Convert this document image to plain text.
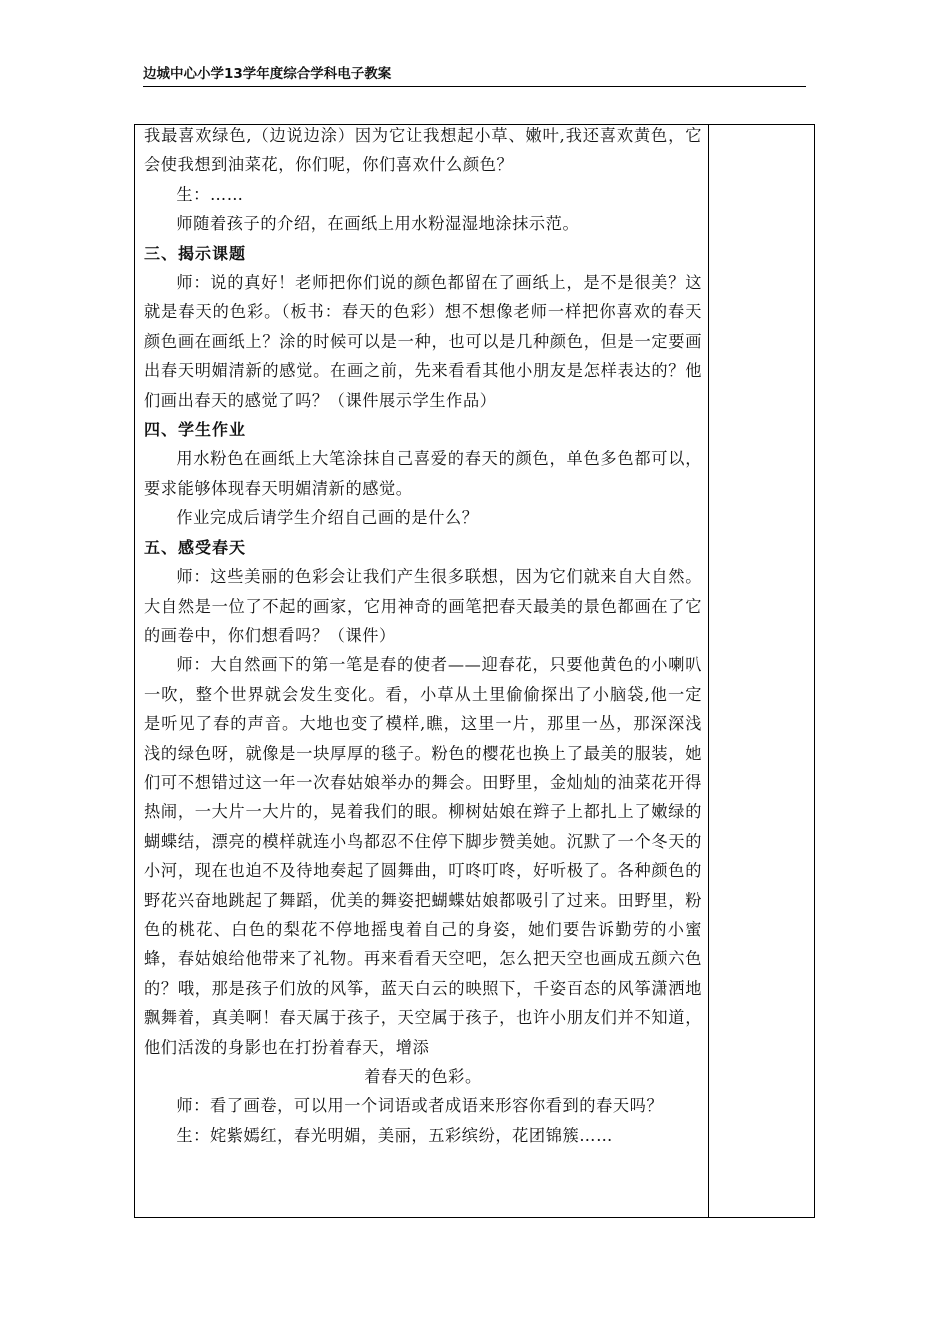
边城中心小学13学年度综合学科电子教案

我最喜欢绿色,（边说边涂）因为它让我想起小草、嫩叶,我还喜欢黄色，它会使我想到油菜花，你们呢，你们喜欢什么颜色？

生：……

师随着孩子的介绍，在画纸上用水粉湿湿地涂抹示范。

三、揭示课题

师：说的真好！老师把你们说的颜色都留在了画纸上，是不是很美？这就是春天的色彩。（板书：春天的色彩）想不想像老师一样把你喜欢的春天颜色画在画纸上？涂的时候可以是一种，也可以是几种颜色，但是一定要画出春天明媚清新的感觉。在画之前，先来看看其他小朋友是怎样表达的？他们画出春天的感觉了吗？（课件展示学生作品）

四、学生作业

用水粉色在画纸上大笔涂抹自己喜爱的春天的颜色，单色多色都可以，要求能够体现春天明媚清新的感觉。

作业完成后请学生介绍自己画的是什么？

五、感受春天

师：这些美丽的色彩会让我们产生很多联想，因为它们就来自大自然。大自然是一位了不起的画家，它用神奇的画笔把春天最美的景色都画在了它的画卷中，你们想看吗？（课件）

师：大自然画下的第一笔是春的使者——迎春花，只要他黄色的小喇叭一吹，整个世界就会发生变化。看，小草从土里偷偷探出了小脑袋,他一定是听见了春的声音。大地也变了模样,瞧，这里一片，那里一丛，那深深浅浅的绿色呀，就像是一块厚厚的毯子。粉色的樱花也换上了最美的服装，她们可不想错过这一年一次春姑娘举办的舞会。田野里，金灿灿的油菜花开得热闹，一大片一大片的，晃着我们的眼。柳树姑娘在辫子上都扎上了嫩绿的蝴蝶结，漂亮的模样就连小鸟都忍不住停下脚步赞美她。沉默了一个冬天的小河，现在也迫不及待地奏起了圆舞曲，叮咚叮咚，好听极了。各种颜色的野花兴奋地跳起了舞蹈，优美的舞姿把蝴蝶姑娘都吸引了过来。田野里，粉色的桃花、白色的梨花不停地摇曳着自己的身姿，她们要告诉勤劳的小蜜蜂，春姑娘给他带来了礼物。再来看看天空吧，怎么把天空也画成五颜六色的？哦，那是孩子们放的风筝，蓝天白云的映照下，千姿百态的风筝潇洒地飘舞着，真美啊！春天属于孩子，天空属于孩子，也许小朋友们并不知道，他们活泼的身影也在打扮着春天，增添

着春天的色彩。

师：看了画卷，可以用一个词语或者成语来形容你看到的春天吗？

生：姹紫嫣红，春光明媚，美丽，五彩缤纷，花团锦簇……
